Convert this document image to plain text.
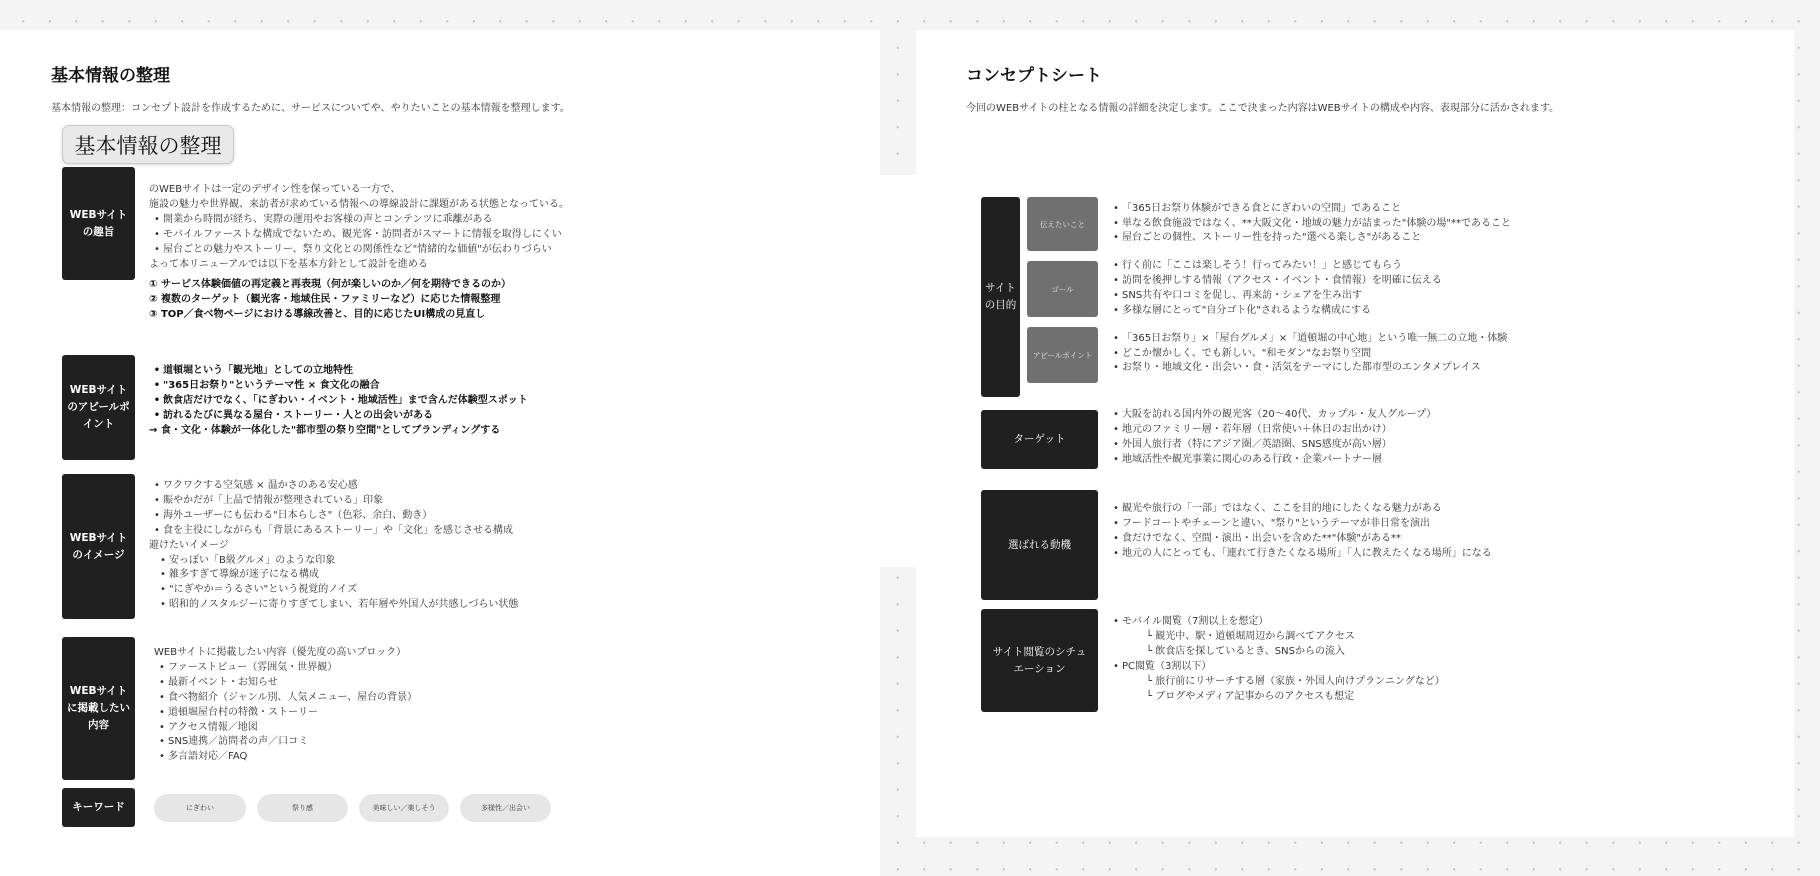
基本情報の整理
基本情報の整理：コンセプト設計を作成するために、サービスについてや、やりたいことの基本情報を整理します。
WEBサイト
の趣旨
のWEBサイトは一定のデザイン性を保っている一方で、
施設の魅力や世界観、来訪者が求めている情報への導線設計に課題がある状態となっている。
• 開業から時間が経ち、実際の運用やお客様の声とコンテンツに乖離がある
• モバイルファーストな構成でないため、観光客・訪問者がスマートに情報を取得しにくい
• 屋台ごとの魅力やストーリー、祭り文化との関係性など"情緒的な価値"が伝わりづらい
よって本リニューアルでは以下を基本方針として設計を進める
① サービス体験価値の再定義と再表現（何が楽しいのか／何を期待できるのか）
② 複数のターゲット（観光客・地域住民・ファミリーなど）に応じた情報整理
③ TOP／食べ物ページにおける導線改善と、目的に応じたUI構成の見直し
WEBサイト
のアピールポ
イント
• 道頓堀という「観光地」としての立地特性
• "365日お祭り"というテーマ性 × 食文化の融合
• 飲食店だけでなく、「にぎわい・イベント・地域活性」まで含んだ体験型スポット
• 訪れるたびに異なる屋台・ストーリー・人との出会いがある
→ 食・文化・体験が一体化した"都市型の祭り空間"としてブランディングする
WEBサイト
のイメージ
• ワクワクする空気感 × 温かさのある安心感
• 賑やかだが「上品で情報が整理されている」印象
• 海外ユーザーにも伝わる"日本らしさ"（色彩、余白、動き）
• 食を主役にしながらも「背景にあるストーリー」や「文化」を感じさせる構成
避けたいイメージ
• 安っぽい「B級グルメ」のような印象
• 雑多すぎて導線が迷子になる構成
• "にぎやか＝うるさい"という視覚的ノイズ
• 昭和的ノスタルジーに寄りすぎてしまい、若年層や外国人が共感しづらい状態
WEBサイト
に掲載したい
内容
WEBサイトに掲載したい内容（優先度の高いブロック）
• ファーストビュー（雰囲気・世界観）
• 最新イベント・お知らせ
• 食べ物紹介（ジャンル別、人気メニュー、屋台の背景）
• 道頓堀屋台村の特徴・ストーリー
• アクセス情報／地図
• SNS連携／訪問者の声／口コミ
• 多言語対応／FAQ
キーワード	にぎわい	祭り感	美味しい／楽しそう	多様性／出会い
基本情報の整理
コンセプトシート
今回のWEBサイトの柱となる情報の詳細を決定します。ここで決まった内容はWEBサイトの構成や内容、表現部分に活かされます。
サイト
の目的
伝えたいこと
• 「365日お祭り体験ができる食とにぎわいの空間」であること
• 単なる飲食施設ではなく、**大阪文化・地域の魅力が詰まった"体験の場"**であること
• 屋台ごとの個性、ストーリー性を持った"選べる楽しさ"があること
ゴール
• 行く前に「ここは楽しそう！行ってみたい！」と感じてもらう
• 訪問を後押しする情報（アクセス・イベント・食情報）を明確に伝える
• SNS共有や口コミを促し、再来訪・シェアを生み出す
• 多様な層にとって"自分ゴト化"されるような構成にする
アピールポイント
• 「365日お祭り」×「屋台グルメ」×「道頓堀の中心地」という唯一無二の立地・体験
• どこか懐かしく、でも新しい、"和モダン"なお祭り空間
• お祭り・地域文化・出会い・食・活気をテーマにした都市型のエンタメプレイス
ターゲット
• 大阪を訪れる国内外の観光客（20〜40代、カップル・友人グループ）
• 地元のファミリー層・若年層（日常使い＋休日のお出かけ）
• 外国人旅行者（特にアジア圏／英語圏、SNS感度が高い層）
• 地域活性や観光事業に関心のある行政・企業パートナー層
選ばれる動機
• 観光や旅行の「一部」ではなく、ここを目的地にしたくなる魅力がある
• フードコートやチェーンと違い、"祭り"というテーマが非日常を演出
• 食だけでなく、空間・演出・出会いを含めた**"体験"がある**
• 地元の人にとっても、「連れて行きたくなる場所」「人に教えたくなる場所」になる
サイト閲覧のシチュ
エーション
• モバイル閲覧（7割以上を想定）
└ 観光中、駅・道頓堀周辺から調べてアクセス
└ 飲食店を探しているとき、SNSからの流入
• PC閲覧（3割以下）
└ 旅行前にリサーチする層（家族・外国人向けプランニングなど）
└ ブログやメディア記事からのアクセスも想定
